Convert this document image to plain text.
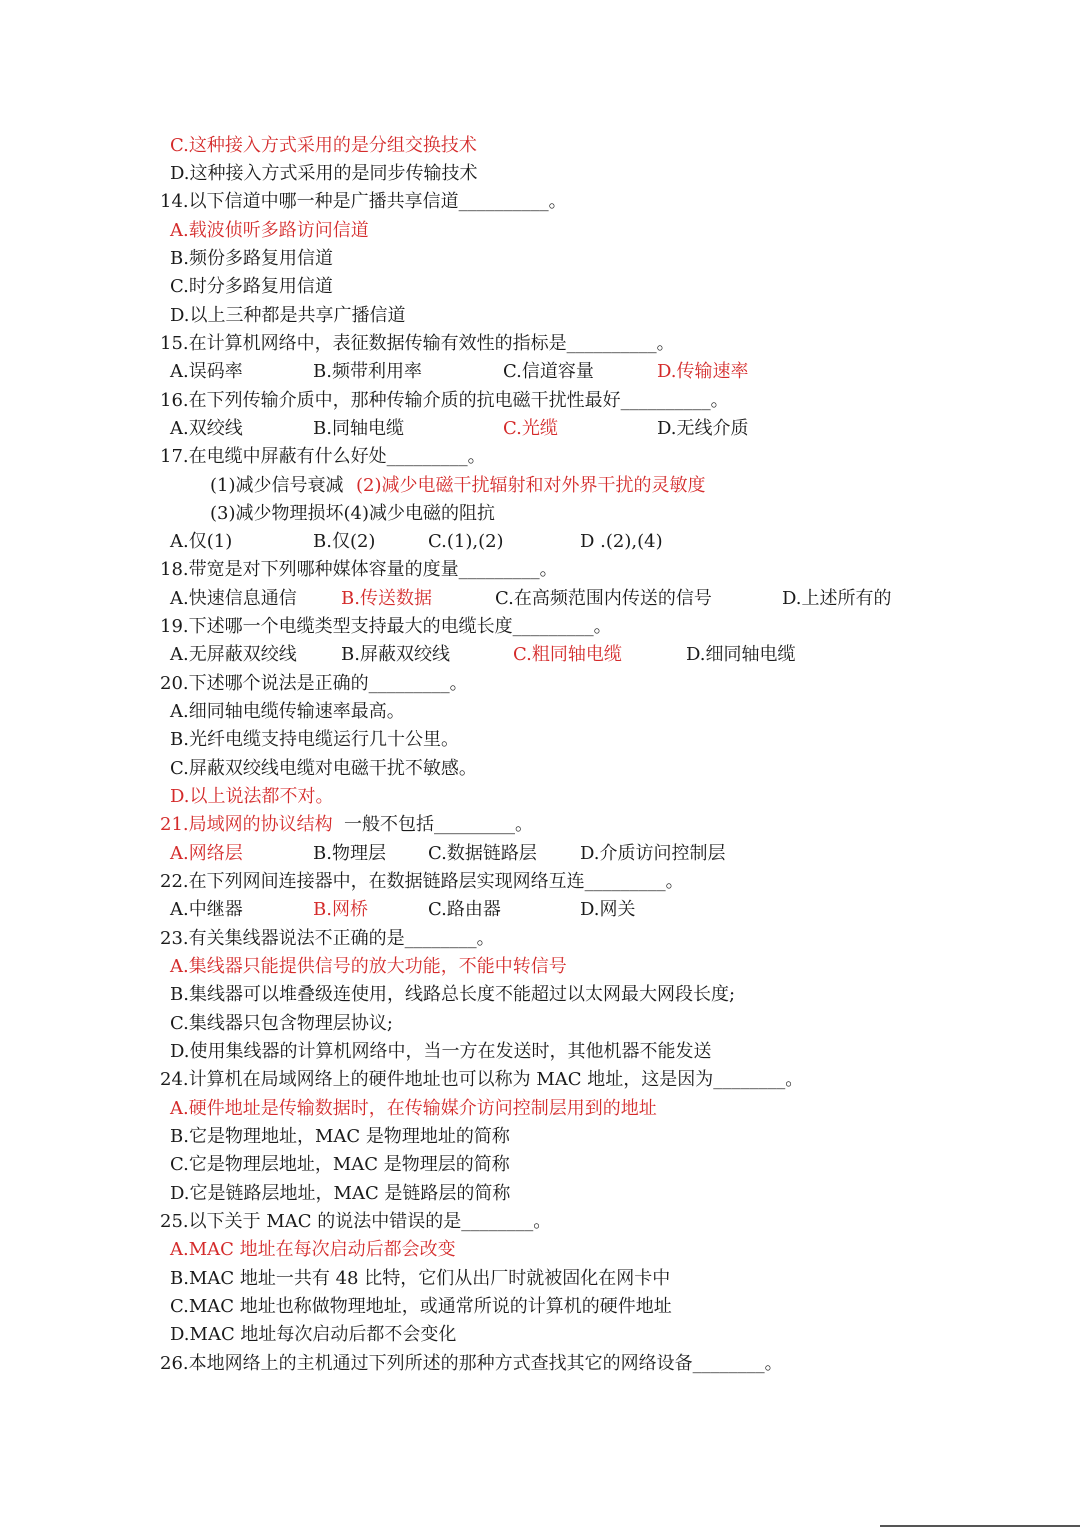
C.这种接入方式采用的是分组交换技术
D.这种接入方式采用的是同步传输技术
14.以下信道中哪一种是广播共享信道__________。
A.载波侦听多路访问信道
B.频份多路复用信道
C.时分多路复用信道
D.以上三种都是共享广播信道
15.在计算机网络中，表征数据传输有效性的指标是__________。
A.误码率	B.频带利用率	C.信道容量	D.传输速率
16.在下列传输介质中，那种传输介质的抗电磁干扰性最好__________。
A.双绞线	B.同轴电缆	C.光缆	D.无线介质
17.在电缆中屏蔽有什么好处_________。
(1)减少信号衰减 (2)减少电磁干扰辐射和对外界干扰的灵敏度
(3)减少物理损坏(4)减少电磁的阻抗
A.仅(1)	B.仅(2)	C.(1),(2)	D .(2),(4)
18.带宽是对下列哪种媒体容量的度量_________。
A.快速信息通信 B.传送数据	C.在高频范围内传送的信号	D.上述所有的
19.下述哪一个电缆类型支持最大的电缆长度_________。
A.无屏蔽双绞线 B.屏蔽双绞线	C.粗同轴电缆	D.细同轴电缆
20.下述哪个说法是正确的_________。
A.细同轴电缆传输速率最高。
B.光纤电缆支持电缆运行几十公里。
C.屏蔽双绞线电缆对电磁干扰不敏感。
D.以上说法都不对。
21.局域网的协议结构 一般不包括_________。
A.网络层	B.物理层 C.数据链路层 D.介质访问控制层
22.在下列网间连接器中，在数据链路层实现网络互连_________。
A.中继器	B.网桥	C.路由器	D.网关
23.有关集线器说法不正确的是________。
A.集线器只能提供信号的放大功能，不能中转信号
B.集线器可以堆叠级连使用，线路总长度不能超过以太网最大网段长度;
C.集线器只包含物理层协议;
D.使用集线器的计算机网络中，当一方在发送时，其他机器不能发送
24.计算机在局域网络上的硬件地址也可以称为 MAC 地址，这是因为________。
A.硬件地址是传输数据时，在传输媒介访问控制层用到的地址
B.它是物理地址，MAC 是物理地址的简称
C.它是物理层地址，MAC 是物理层的简称
D.它是链路层地址，MAC 是链路层的简称
25.以下关于 MAC 的说法中错误的是________。
A.MAC 地址在每次启动后都会改变
B.MAC 地址一共有 48 比特，它们从出厂时就被固化在网卡中
C.MAC 地址也称做物理地址，或通常所说的计算机的硬件地址
D.MAC 地址每次启动后都不会变化
26.本地网络上的主机通过下列所述的那种方式查找其它的网络设备________。
